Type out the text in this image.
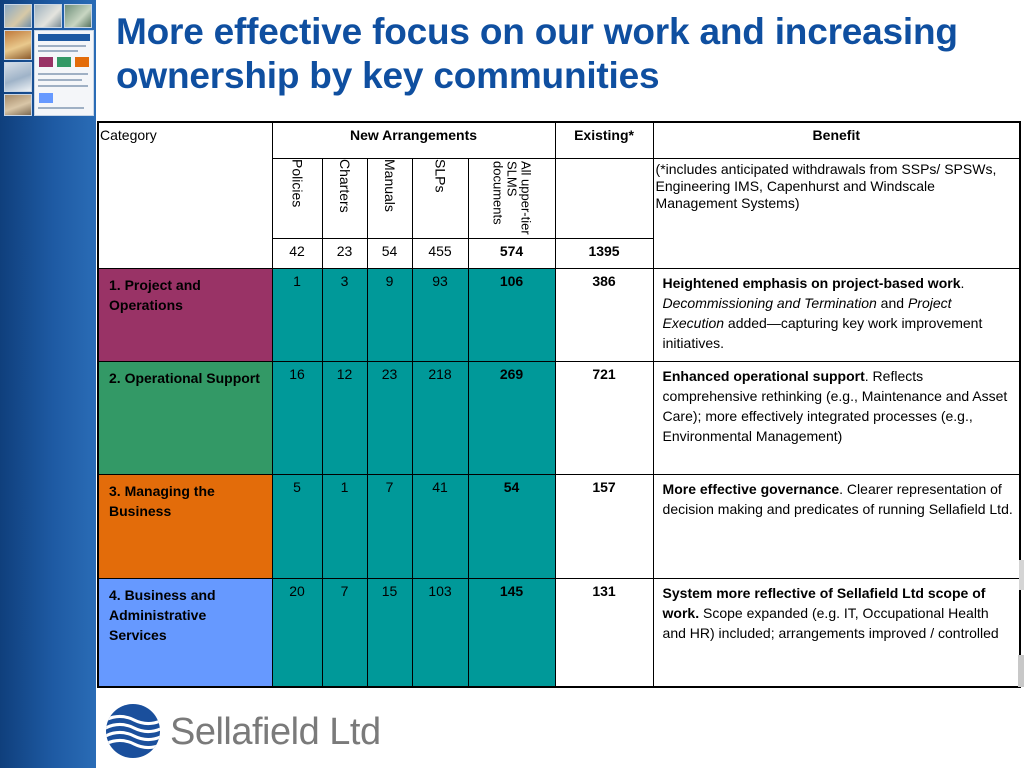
More effective focus on our work and increasing ownership by key communities
Category	New Arrangements					Existing*	Benefit

	Policies	Charters	Manuals	SLPs	All upper-tier SLMS documents		(*includes anticipated withdrawals from SSPs/ SPSWs, Engineering IMS, Capenhurst and Windscale Management Systems)
	42	23	54	455	574	1395	
1. Project and Operations	1	3	9	93	106	386	Heightened emphasis on project-based work. Decommissioning and Termination and Project Execution added—capturing key work improvement initiatives.
2. Operational Support	16	12	23	218	269	721	Enhanced operational support. Reflects comprehensive rethinking (e.g., Maintenance and Asset Care); more effectively integrated processes (e.g., Environmental Management)
3. Managing the Business	5	1	7	41	54	157	More effective governance. Clearer representation of decision making and predicates of running Sellafield Ltd.
4. Business and Administrative Services	20	7	15	103	145	131	System more reflective of Sellafield Ltd scope of work. Scope expanded (e.g. IT, Occupational Health and HR) included; arrangements improved / controlled
Sellafield Ltd
